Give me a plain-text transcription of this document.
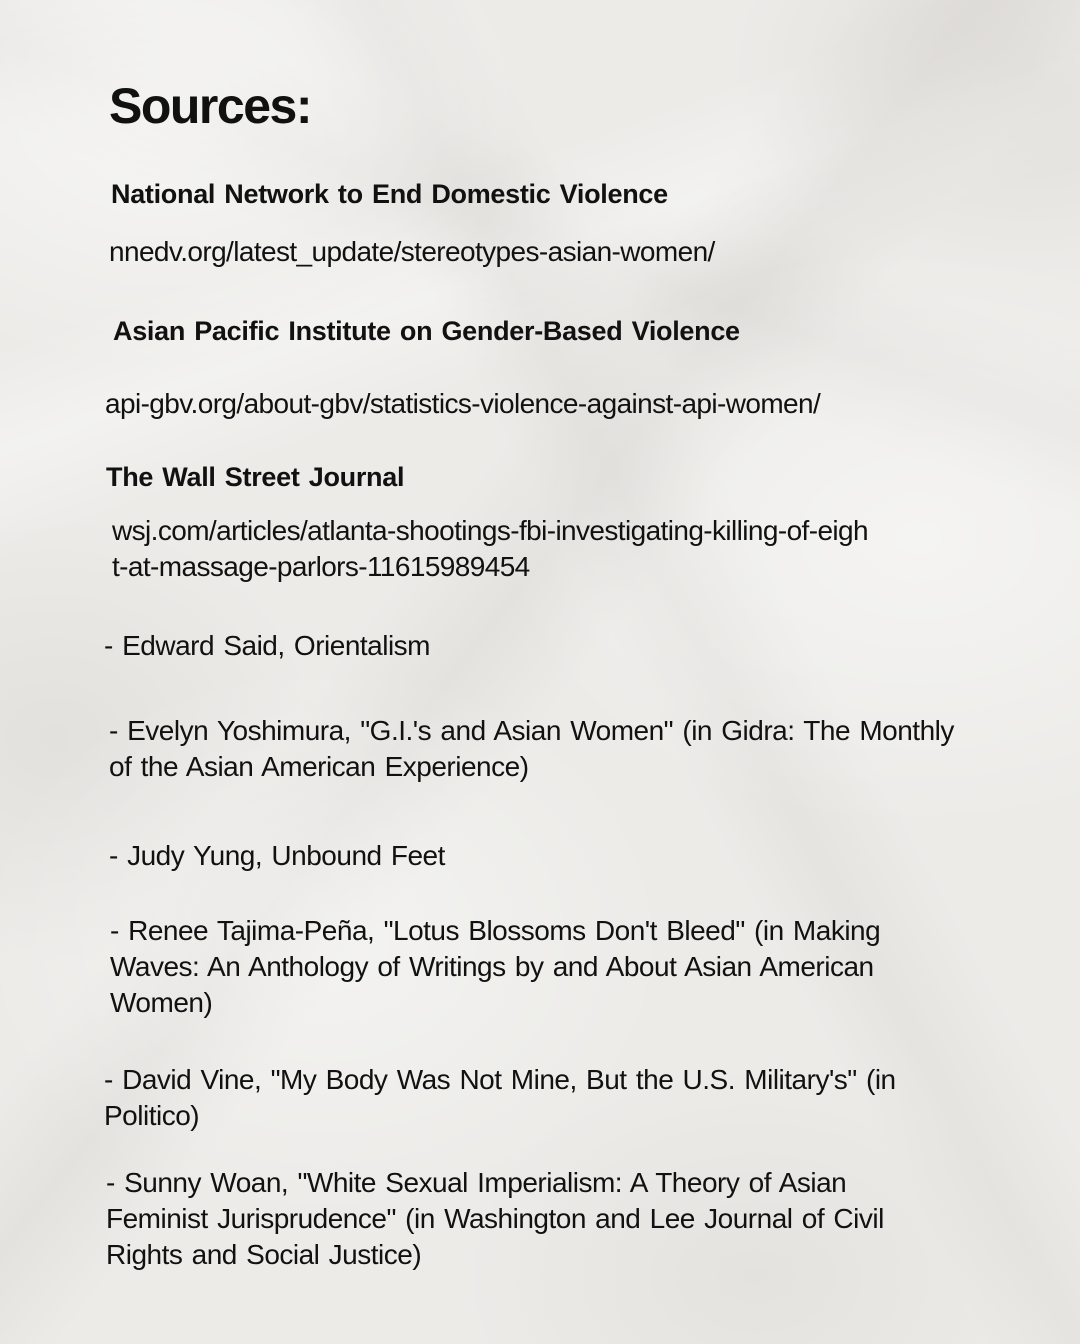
Sources:
National Network to End Domestic Violence
nnedv.org/latest_update/stereotypes-asian-women/
Asian Pacific Institute on Gender-Based Violence
api-gbv.org/about-gbv/statistics-violence-against-api-women/
The Wall Street Journal
wsj.com/articles/atlanta-shootings-fbi-investigating-killing-of-eigh
t-at-massage-parlors-11615989454
- Edward Said, Orientalism
- Evelyn Yoshimura, "G.I.'s and Asian Women" (in Gidra: The Monthly
of the Asian American Experience)
- Judy Yung, Unbound Feet
- Renee Tajima-Peña, "Lotus Blossoms Don't Bleed" (in Making
Waves: An Anthology of Writings by and About Asian American
Women)
- David Vine, "My Body Was Not Mine, But the U.S. Military's" (in
Politico)
- Sunny Woan, "White Sexual Imperialism: A Theory of Asian
Feminist Jurisprudence" (in Washington and Lee Journal of Civil
Rights and Social Justice)
